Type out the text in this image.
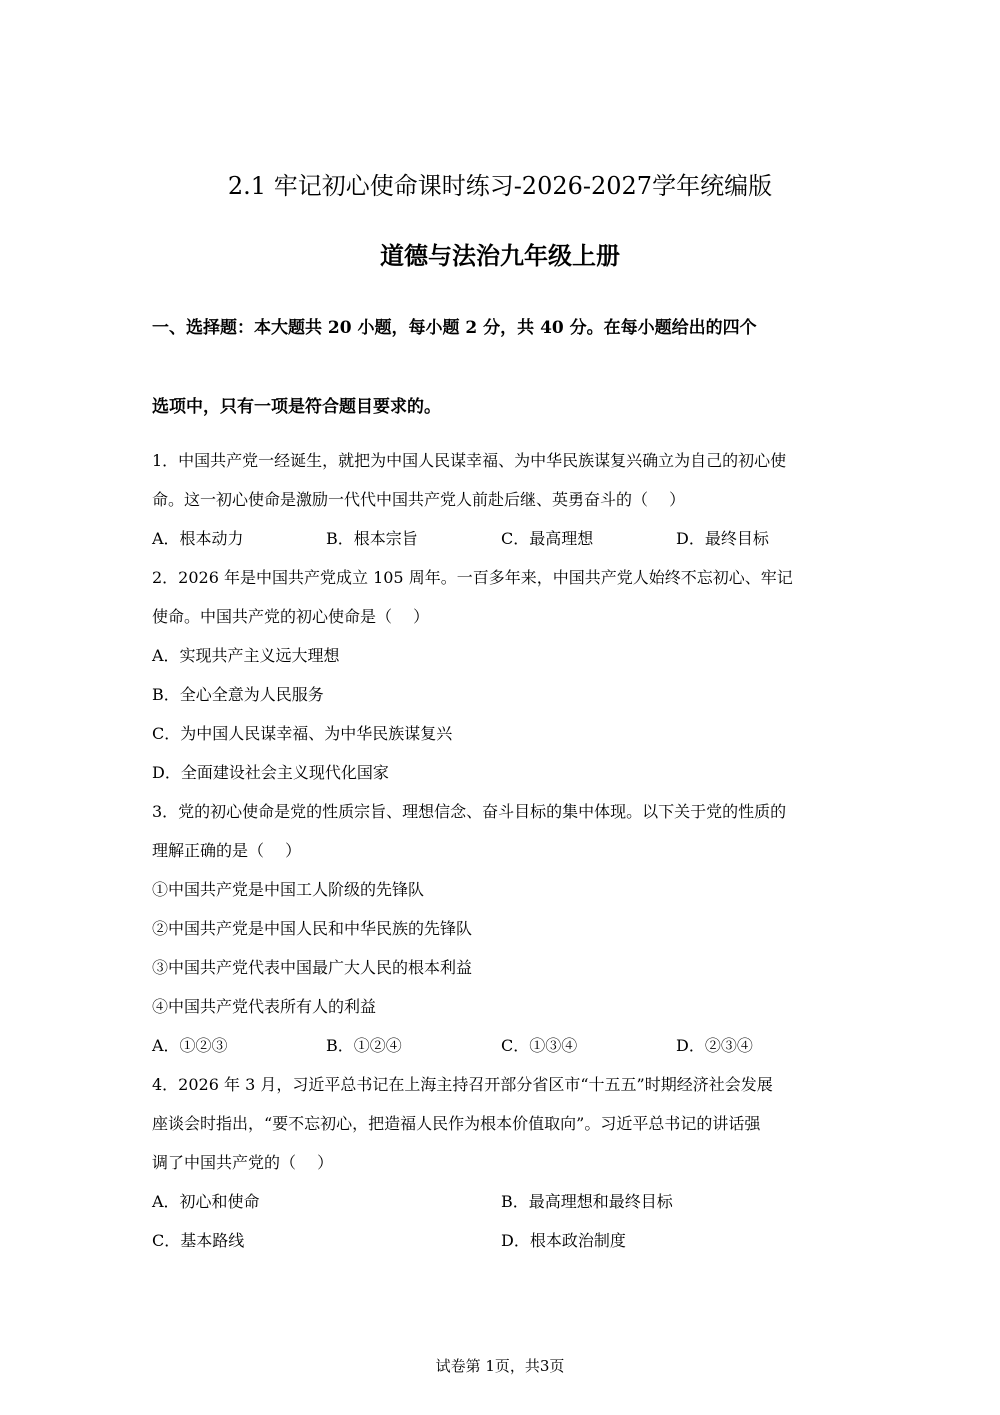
2.1 牢记初心使命课时练习-2026-2027学年统编版
道德与法治九年级上册
一、选择题：本大题共 20 小题，每小题 2 分，共 40 分。在每小题给出的四个
选项中，只有一项是符合题目要求的。
1．中国共产党一经诞生，就把为中国人民谋幸福、为中华民族谋复兴确立为自己的初心使
命。这一初心使命是激励一代代中国共产党人前赴后继、英勇奋斗的（　 ）
A．根本动力	B．根本宗旨	C．最高理想	D．最终目标
2．2026 年是中国共产党成立 105 周年。一百多年来，中国共产党人始终不忘初心、牢记
使命。中国共产党的初心使命是（　 ）
A．实现共产主义远大理想
B．全心全意为人民服务
C．为中国人民谋幸福、为中华民族谋复兴
D．全面建设社会主义现代化国家
3．党的初心使命是党的性质宗旨、理想信念、奋斗目标的集中体现。以下关于党的性质的
理解正确的是（　 ）
①中国共产党是中国工人阶级的先锋队
②中国共产党是中国人民和中华民族的先锋队
③中国共产党代表中国最广大人民的根本利益
④中国共产党代表所有人的利益
A．①②③	B．①②④	C．①③④	D．②③④
4．2026 年 3 月，习近平总书记在上海主持召开部分省区市“十五五”时期经济社会发展
座谈会时指出，“要不忘初心，把造福人民作为根本价值取向”。习近平总书记的讲话强
调了中国共产党的（　 ）
A．初心和使命	B．最高理想和最终目标
C．基本路线	D．根本政治制度
试卷第 1页，共3页
